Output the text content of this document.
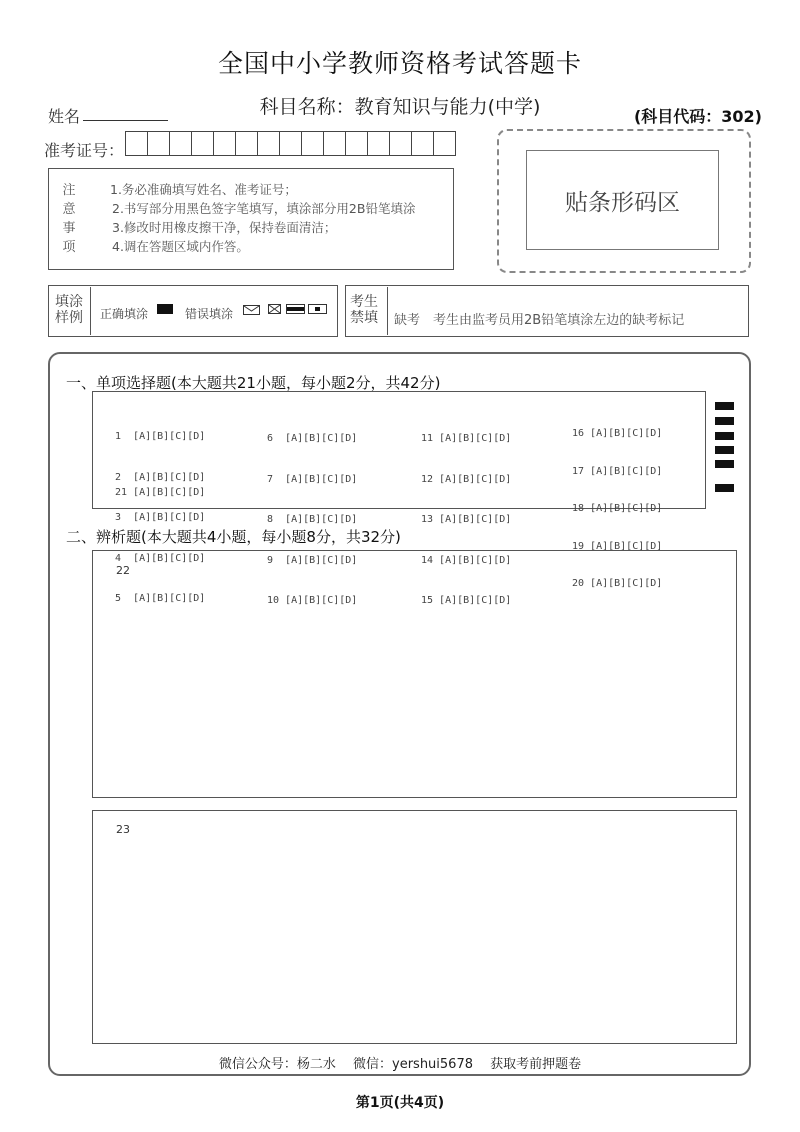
全国中小学教师资格考试答题卡
科目名称：教育知识与能力(中学)	(科目代码：302)
姓名
准考证号：
注
意
事
项
1.务必准确填写姓名、准考证号；
2.书写部分用黑色签字笔填写，填涂部分用2B铅笔填涂
3.修改时用橡皮擦干净，保持卷面清洁；
4.调在答题区域内作答。
贴条形码区
填涂样例	正确填涂	错误填涂
考生禁填	缺考　考生由监考员用2B铅笔填涂左边的缺考标记
一、单项选择题(本大题共21小题，每小题2分，共42分)

1  [A][B][C][D]

2  [A][B][C][D]

3  [A][B][C][D]

4  [A][B][C][D]

5  [A][B][C][D]

6  [A][B][C][D]

7  [A][B][C][D]

8  [A][B][C][D]

9  [A][B][C][D]

10 [A][B][C][D]

11 [A][B][C][D]

12 [A][B][C][D]

13 [A][B][C][D]

14 [A][B][C][D]

15 [A][B][C][D]

16 [A][B][C][D]

17 [A][B][C][D]

18 [A][B][C][D]

19 [A][B][C][D]

20 [A][B][C][D]

21 [A][B][C][D]
二、辨析题(本大题共4小题，每小题8分，共32分)
22
23
微信公众号：杨二水　 微信：yershui5678　 获取考前押题卷
第1页(共4页)
